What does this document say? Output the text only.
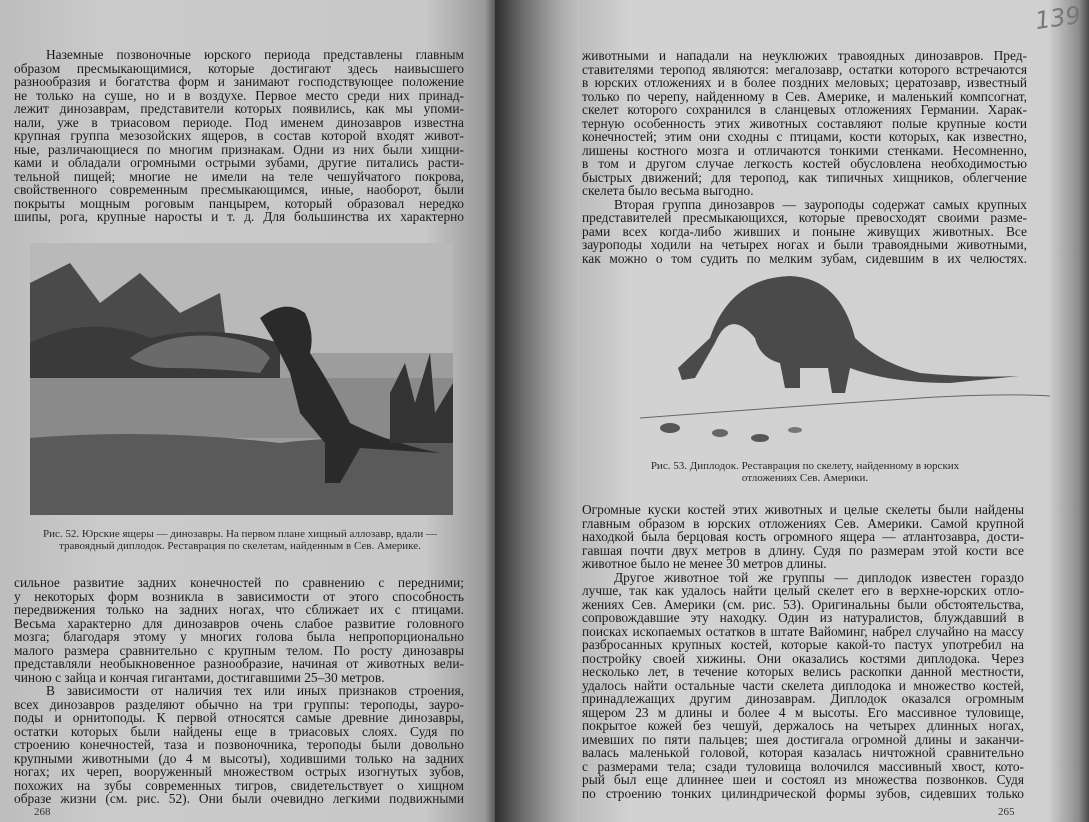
Наземные позвоночные юрского периода представлены главным
образом пресмыкающимися, которые достигают здесь наивысшего
разнообразия и богатства форм и занимают господствующее положение
не только на суше, но и в воздухе. Первое место среди них принад-
лежит динозаврам, представители которых появились, как мы упоми-
нали, уже в триасовом периоде. Под именем динозавров известна
крупная группа мезозойских ящеров, в состав которой входят живот-
ные, различающиеся по многим признакам. Одни из них были хищни-
ками и обладали огромными острыми зубами, другие питались расти-
тельной пищей; многие не имели на теле чешуйчатого покрова,
свойственного современным пресмыкающимся, иные, наоборот, были
покрыты мощным роговым панцырем, который образовал нередко
шипы, рога, крупные наросты и т. д. Для большинства их характерно
Рис. 52. Юрские ящеры — динозавры. На первом плане хищный аллозавр, вдали —
травоядный диплодок. Реставрация по скелетам, найденным в Сев. Америке.
сильное развитие задних конечностей по сравнению с передними;
у некоторых форм возникла в зависимости от этого способность
передвижения только на задних ногах, что сближает их с птицами.
Весьма характерно для динозавров очень слабое развитие головного
мозга; благодаря этому у многих голова была непропорционально
малого размера сравнительно с крупным телом. По росту динозавры
представляли необыкновенное разнообразие, начиная от животных вели-
чиною с зайца и кончая гигантами, достигавшими 25–30 метров.
В зависимости от наличия тех или иных признаков строения,
всех динозавров разделяют обычно на три группы: тероподы, зауро-
поды и орнитоподы. К первой относятся самые древние динозавры,
остатки которых были найдены еще в триасовых слоях. Судя по
строению конечностей, таза и позвоночника, тероподы были довольно
крупными животными (до 4 м высоты), ходившими только на задних
ногах; их череп, вооруженный множеством острых изогнутых зубов,
похожих на зубы современных тигров, свидетельствует о хищном
образе жизни (см. рис. 52). Они были очевидно легкими подвижными
268
139
животными и нападали на неуклюжих травоядных динозавров. Пред-
ставителями теропод являются: мегалозавр, остатки которого встречаются
в юрских отложениях и в более поздних меловых; цератозавр, известный
только по черепу, найденному в Сев. Америке, и маленький компсогнат,
скелет которого сохранился в сланцевых отложениях Германии. Харак-
терную особенность этих животных составляют полые крупные кости
конечностей; этим они сходны с птицами, кости которых, как известно,
лишены костного мозга и отличаются тонкими стенками. Несомненно,
в том и другом случае легкость костей обусловлена необходимостью
быстрых движений; для теропод, как типичных хищников, облегчение
скелета было весьма выгодно.
Вторая группа динозавров — зауроподы содержат самых крупных
представителей пресмыкающихся, которые превосходят своими разме-
рами всех когда-либо живших и поныне живущих животных. Все
зауроподы ходили на четырех ногах и были травоядными животными,
как можно о том судить по мелким зубам, сидевшим в их челюстях.
Рис. 53. Диплодок. Реставрация по скелету, найденному в юрских
отложениях Сев. Америки.
Огромные куски костей этих животных и целые скелеты были найдены
главным образом в юрских отложениях Сев. Америки. Самой крупной
находкой была берцовая кость огромного ящера — атлантозавра, дости-
гавшая почти двух метров в длину. Судя по размерам этой кости все
животное было не менее 30 метров длины.
Другое животное той же группы — диплодок известен гораздо
лучше, так как удалось найти целый скелет его в верхне-юрских отло-
жениях Сев. Америки (см. рис. 53). Оригинальны были обстоятельства,
сопровождавшие эту находку. Один из натуралистов, блуждавший в
поисках ископаемых остатков в штате Вайоминг, набрел случайно на массу
разбросанных крупных костей, которые какой-то пастух употребил на
постройку своей хижины. Они оказались костями диплодока. Через
несколько лет, в течение которых велись раскопки данной местности,
удалось найти остальные части скелета диплодока и множество костей,
принадлежащих другим динозаврам. Диплодок оказался огромным
ящером 23 м длины и более 4 м высоты. Его массивное туловище,
покрытое кожей без чешуй, держалось на четырех длинных ногах,
имевших по пяти пальцев; шея достигала огромной длины и заканчи-
валась маленькой головой, которая казалась ничтожной сравнительно
с размерами тела; сзади туловища волочился массивный хвост, кото-
рый был еще длиннее шеи и состоял из множества позвонков. Судя
по строению тонких цилиндрической формы зубов, сидевших только
265
